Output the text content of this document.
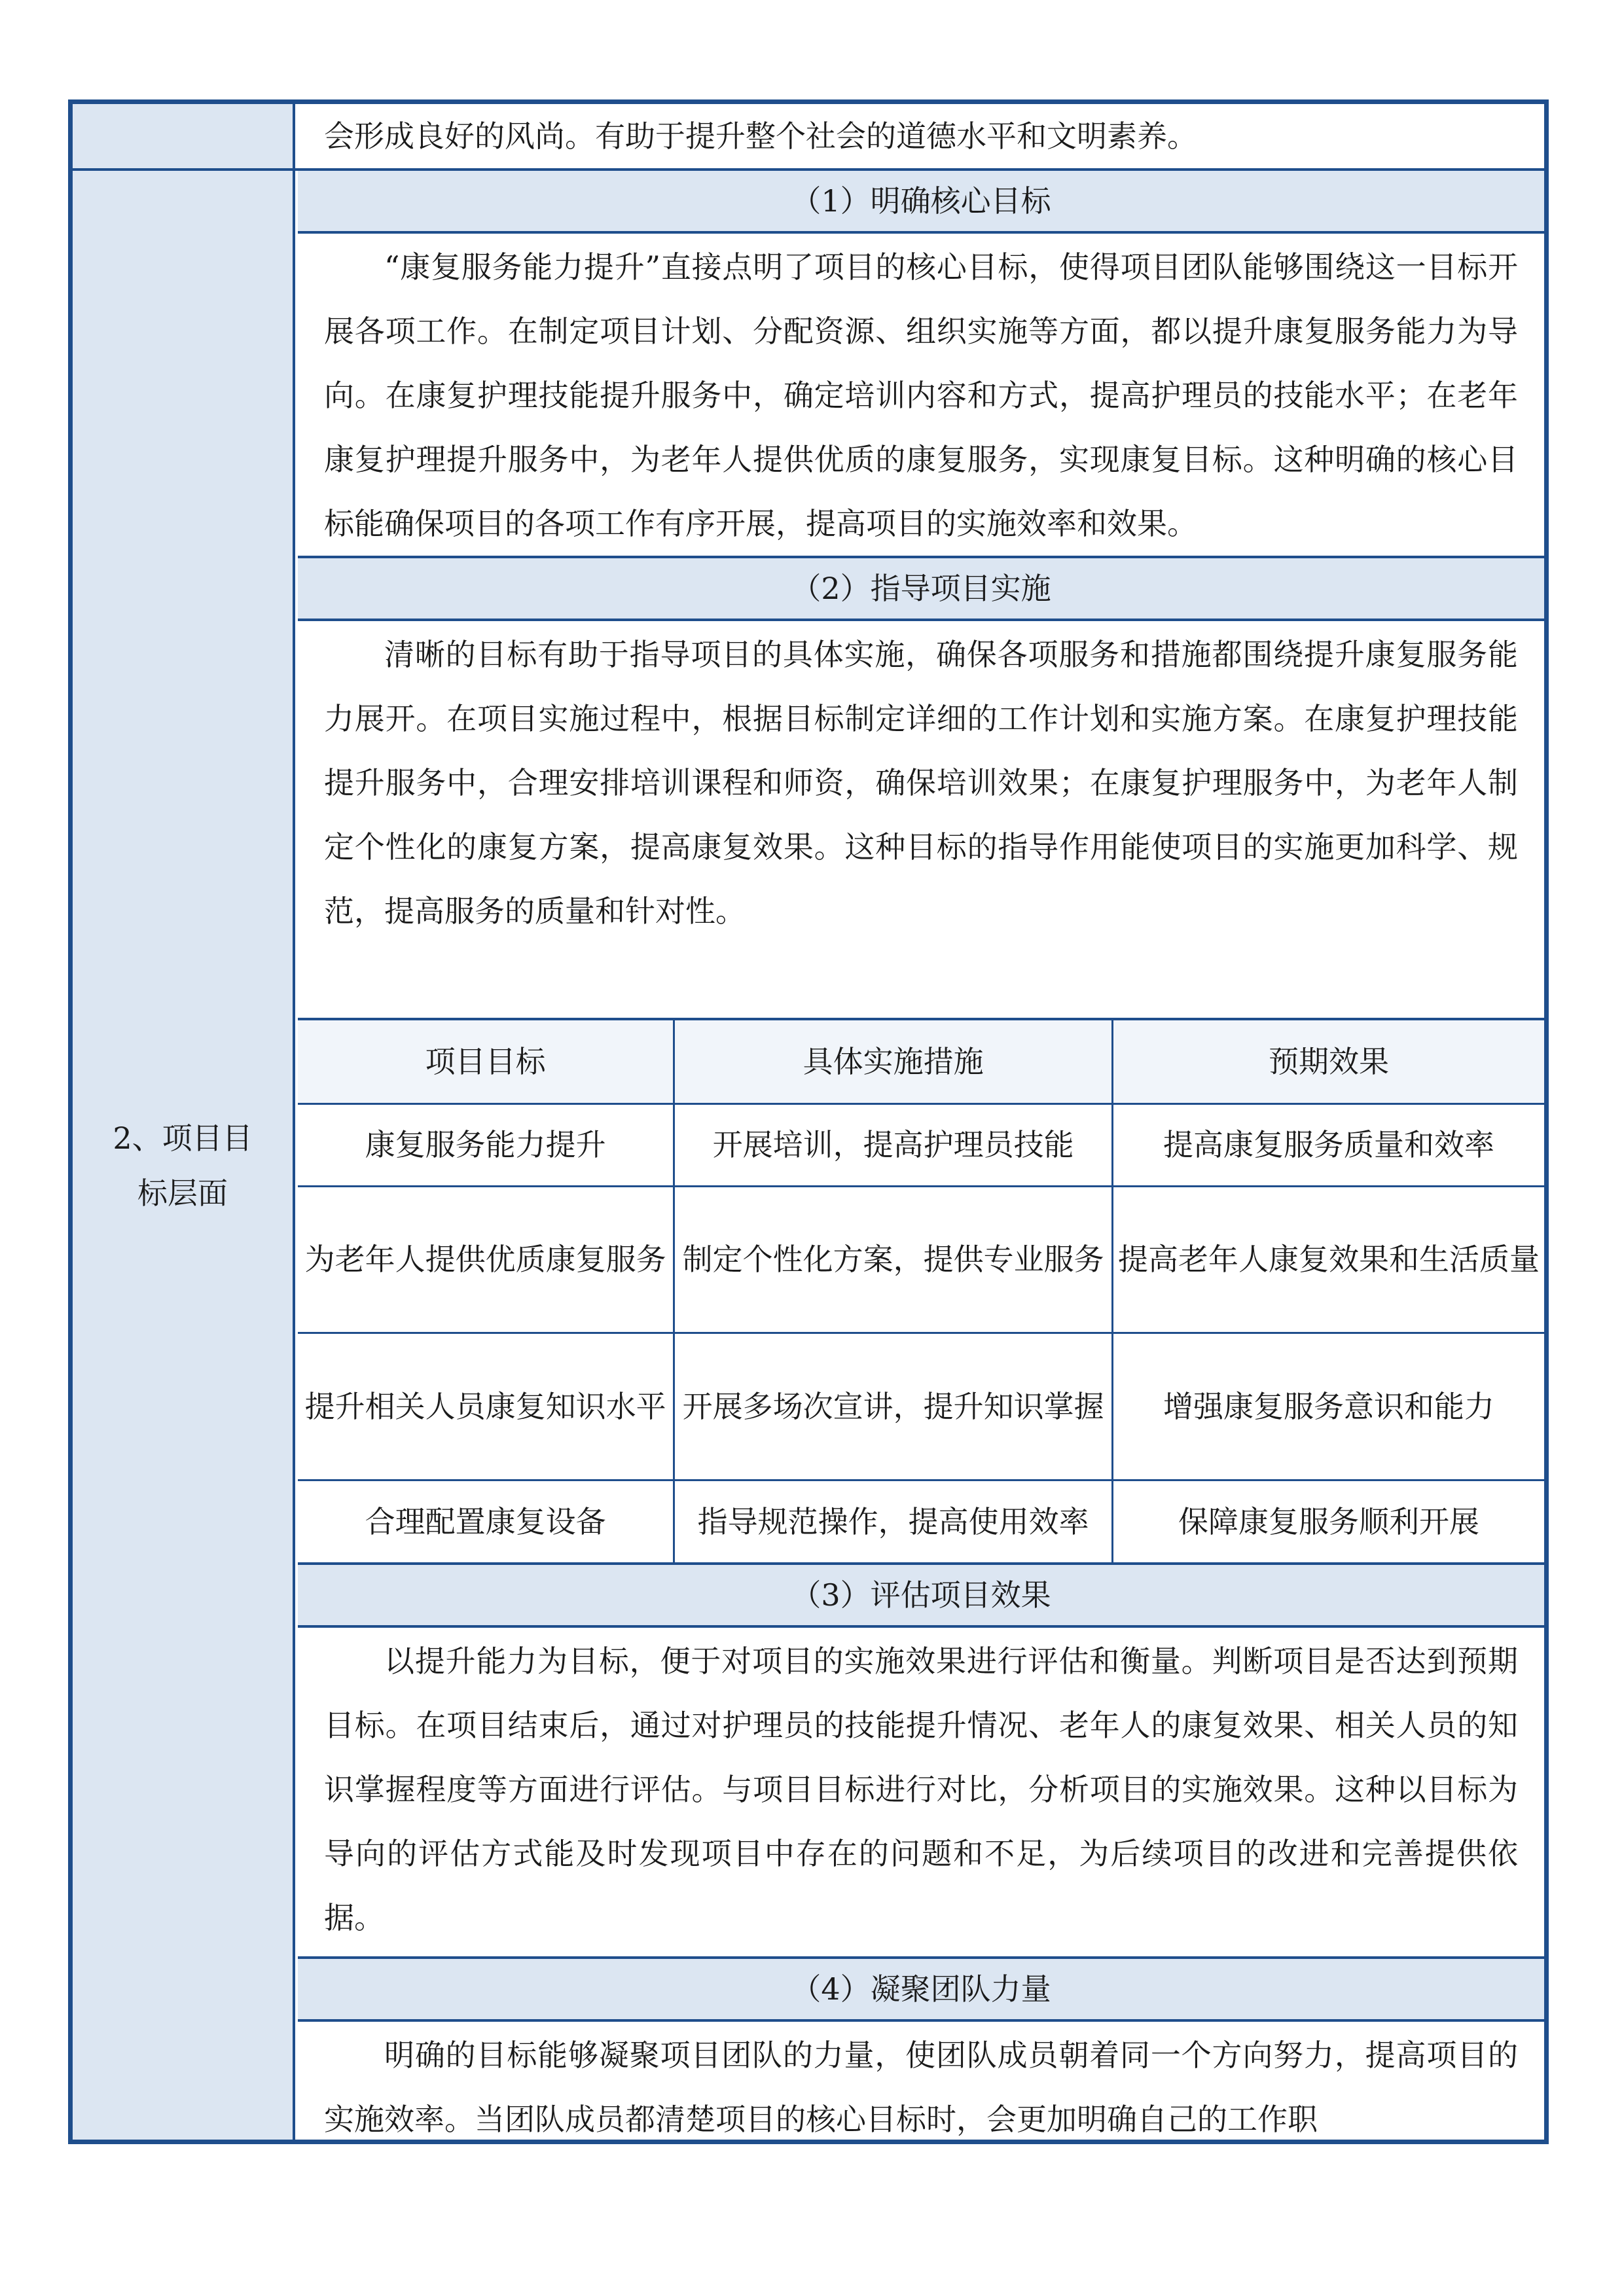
会形成良好的风尚。有助于提升整个社会的道德水平和文明素养。

2、项目目
标层面
（1）明确核心目标

“康复服务能力提升”直接点明了项目的核心目标，使得项目团队能够围绕这一目标开展各项工作。在制定项目计划、分配资源、组织实施等方面，都以提升康复服务能力为导向。在康复护理技能提升服务中，确定培训内容和方式，提高护理员的技能水平；在老年康复护理提升服务中，为老年人提供优质的康复服务，实现康复目标。这种明确的核心目标能确保项目的各项工作有序开展，提高项目的实施效率和效果。

（2）指导项目实施

清晰的目标有助于指导项目的具体实施，确保各项服务和措施都围绕提升康复服务能力展开。在项目实施过程中，根据目标制定详细的工作计划和实施方案。在康复护理技能提升服务中，合理安排培训课程和师资，确保培训效果；在康复护理服务中，为老年人制定个性化的康复方案，提高康复效果。这种目标的指导作用能使项目的实施更加科学、规范，提高服务的质量和针对性。

项目目标	具体实施措施	预期效果
康复服务能力提升	开展培训，提高护理员技能	提高康复服务质量和效率
为老年人提供优质康复服务	制定个性化方案，提供专业服务	提高老年人康复效果和生活质量
提升相关人员康复知识水平	开展多场次宣讲，提升知识掌握	增强康复服务意识和能力
合理配置康复设备	指导规范操作，提高使用效率	保障康复服务顺利开展
（3）评估项目效果

以提升能力为目标，便于对项目的实施效果进行评估和衡量。判断项目是否达到预期目标。在项目结束后，通过对护理员的技能提升情况、老年人的康复效果、相关人员的知识掌握程度等方面进行评估。与项目目标进行对比，分析项目的实施效果。这种以目标为导向的评估方式能及时发现项目中存在的问题和不足，为后续项目的改进和完善提供依据。

（4）凝聚团队力量

明确的目标能够凝聚项目团队的力量，使团队成员朝着同一个方向努力，提高项目的实施效率。当团队成员都清楚项目的核心目标时，会更加明确自己的工作职
